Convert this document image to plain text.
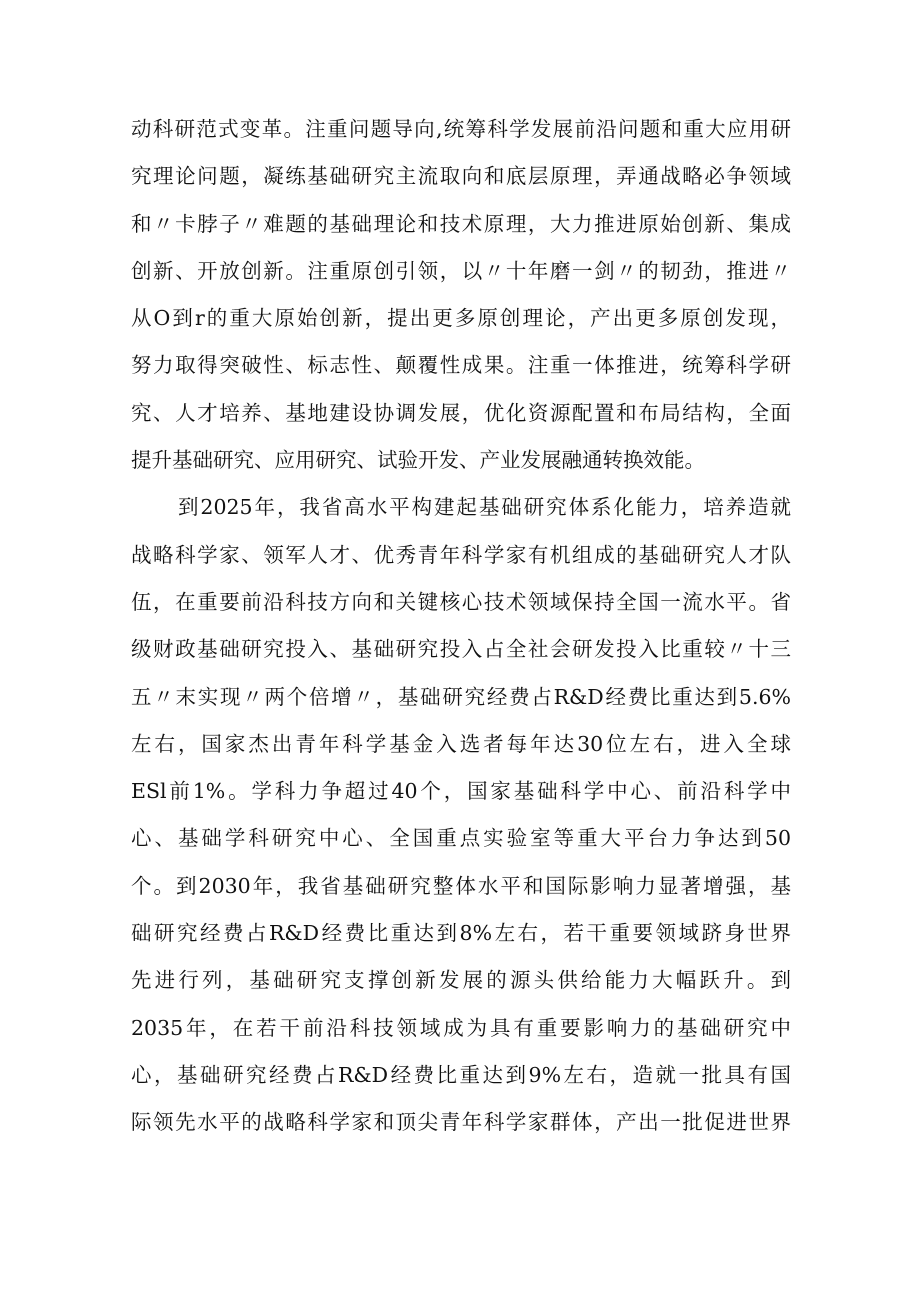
动科研范式变革。注重问题导向,统筹科学发展前沿问题和重大应用研
究理论问题，凝练基础研究主流取向和底层原理，弄通战略必争领域
和〃卡脖子〃难题的基础理论和技术原理，大力推进原始创新、集成
创新、开放创新。注重原创引领，以〃十年磨一剑〃的韧劲，推进〃
从O到r的重大原始创新，提出更多原创理论，产出更多原创发现，
努力取得突破性、标志性、颠覆性成果。注重一体推进，统筹科学研
究、人才培养、基地建设协调发展，优化资源配置和布局结构，全面
提升基础研究、应用研究、试验开发、产业发展融通转换效能。
到2025年，我省高水平构建起基础研究体系化能力，培养造就
战略科学家、领军人才、优秀青年科学家有机组成的基础研究人才队
伍，在重要前沿科技方向和关键核心技术领域保持全国一流水平。省
级财政基础研究投入、基础研究投入占全社会研发投入比重较〃十三
五〃末实现〃两个倍增〃，基础研究经费占R&D经费比重达到5.6%
左右，国家杰出青年科学基金入选者每年达30位左右，进入全球
ESl前1%。学科力争超过40个，国家基础科学中心、前沿科学中
心、基础学科研究中心、全国重点实验室等重大平台力争达到50
个。到2030年，我省基础研究整体水平和国际影响力显著增强，基
础研究经费占R&D经费比重达到8%左右，若干重要领域跻身世界
先进行列，基础研究支撑创新发展的源头供给能力大幅跃升。到
2035年，在若干前沿科技领域成为具有重要影响力的基础研究中
心，基础研究经费占R&D经费比重达到9%左右，造就一批具有国
际领先水平的战略科学家和顶尖青年科学家群体，产出一批促进世界
